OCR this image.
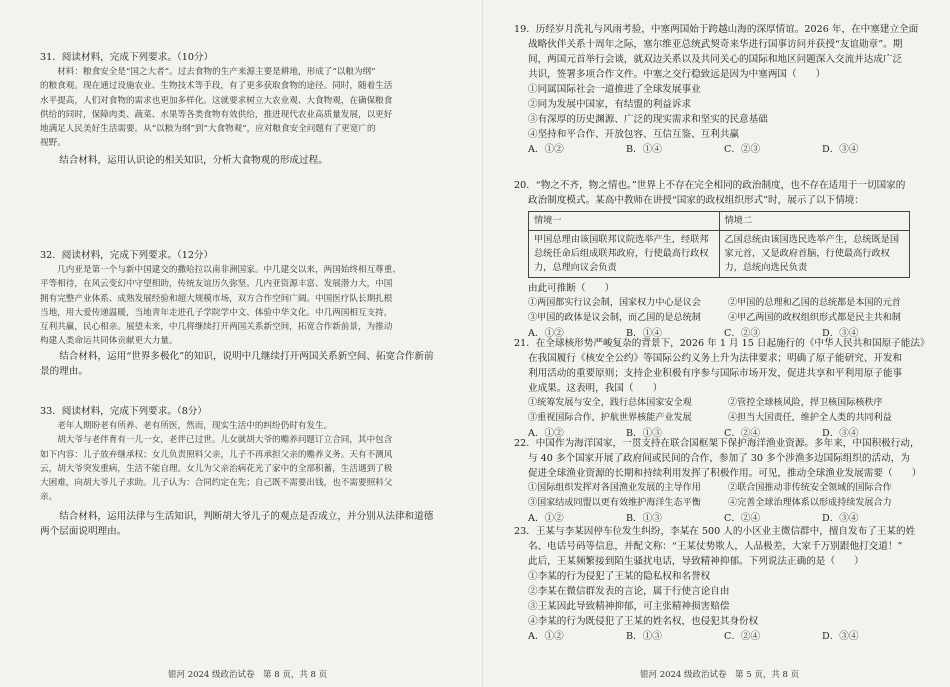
31．阅读材料，完成下列要求。（10分）

材料：粮食安全是“国之大者”。过去食物的生产来源主要是耕地，形成了“以粮为纲”

的粮食观。现在通过设施农业、生物技术等手段，有了更多获取食物的途径。同时，随着生活

水平提高，人们对食物的需求也更加多样化。这就要求树立大农业观、大食物观，在确保粮食

供给的同时，保障肉类、蔬菜、水果等各类食物有效供给，推进现代农业高质量发展，以更好

地满足人民美好生活需要。从“以粮为纲”到“大食物观”，应对粮食安全问题有了更宽广的

视野。

结合材料，运用认识论的相关知识，分析大食物观的形成过程。

32．阅读材料，完成下列要求。（12分）

几内亚是第一个与新中国建交的撒哈拉以南非洲国家。中几建交以来，两国始终相互尊重、

平等相待，在风云变幻中守望相助，传统友谊历久弥坚。几内亚资源丰富、发展潜力大，中国

拥有完整产业体系、成熟发展经验和超大规模市场，双方合作空间广阔。中国医疗队长期扎根

当地，用大爱传递温暖，当地青年走进孔子学院学中文、体验中华文化。中几两国相互支持，

互利共赢，民心相亲。展望未来，中几将继续打开两国关系新空间，拓宽合作新前景，为推动

构建人类命运共同体贡献更大力量。

结合材料，运用“世界多极化”的知识，说明中几继续打开两国关系新空间、拓宽合作新前

景的理由。

33．阅读材料，完成下列要求。（8分）

老年人期盼老有所养、老有所医，然而，现实生活中的纠纷仍时有发生。

胡大爷与老伴育有一儿一女，老伴已过世。儿女就胡大爷的赡养问题订立合同，其中包含

如下内容：儿子放弃继承权；女儿负责照料父亲，儿子不再承担父亲的赡养义务。天有不测风

云，胡大爷突发重病，生活不能自理。女儿为父亲治病花光了家中的全部积蓄，生活遇到了极

大困难，向胡大爷儿子求助。儿子认为：合同约定在先；自己既不需要出钱，也不需要照料父

亲。

结合材料，运用法律与生活知识，判断胡大爷儿子的观点是否成立，并分别从法律和道德

两个层面说明理由。

银河 2024 级政治试卷　第 8 页，共 8 页

19．历经岁月洗礼与风雨考验，中塞两国始于跨越山海的深厚情谊。2026 年，在中塞建立全面

战略伙伴关系十周年之际，塞尔维亚总统武契奇来华进行国事访问并获授“友谊勋章”。期

间，两国元首举行会谈，就双边关系以及共同关心的国际和地区问题深入交流并达成广泛

共识，签署多项合作文件。中塞之交行稳致远是因为中塞两国（　　）

①同属国际社会一道推进了全球发展事业

②同为发展中国家，有结盟的利益诉求

③有深厚的历史渊源、广泛的现实需求和坚实的民意基础

④坚持和平合作、开放包容、互信互鉴、互利共赢

A．①②	B．①④	C．②③	D．③④

20．“物之不齐，物之情也。”世界上不存在完全相同的政治制度，也不存在适用于一切国家的

政治制度模式。某高中教师在讲授“国家的政权组织形式”时，展示了以下情境：

情境一	情境二
甲国总理由该国联邦议院选举产生，经联邦总统任命后组成联邦政府，行使最高行政权力，总理向议会负责	乙国总统由该国选民选举产生，总统既是国家元首，又是政府首脑，行使最高行政权力，总统向选民负责

由此可推断（　　）

①两国都实行议会制，国家权力中心是议会	②甲国的总理和乙国的总统都是本国的元首
③甲国的政体是议会制，而乙国的是总统制	④甲乙两国的政权组织形式都是民主共和制
A．①②	B．①④	C．②③	D．③④

21．在全球核形势严峻复杂的背景下，2026 年 1 月 15 日起施行的《中华人民共和国原子能法》

在我国履行《核安全公约》等国际公约义务上升为法律要求；明确了原子能研究、开发和

利用活动的重要原则；支持企业积极有序参与国际市场开发，促进共享和平利用原子能事

业成果。这表明，我国（　　）

①统筹发展与安全，践行总体国家安全观	②管控全球核风险，捍卫核国际核秩序
③重视国际合作，护航世界核能产业发展	④担当大国责任，维护全人类的共同利益
A．①②	B．①③	C．②④	D．③④

22．中国作为海洋国家，一贯支持在联合国框架下保护海洋渔业资源。多年来，中国积极行动，

与 40 多个国家开展了政府间或民间的合作，参加了 30 多个涉渔多边国际组织的活动，为

促进全球渔业资源的长期和持续利用发挥了积极作用。可见，推动全球渔业发展需要（　　）

①国际组织发挥对各国渔业发展的主导作用	②联合国推动非传统安全领域的国际合作
③国家结成同盟以更有效维护海洋生态平衡	④完善全球治理体系以形成持续发展合力
A．①②	B．①③	C．②④	D．③④

23．王某与李某因停车位发生纠纷，李某在 500 人的小区业主微信群中，擅自发布了王某的姓

名、电话号码等信息，并配文称：“王某仗势欺人，人品极差，大家千万别跟他打交道！”

此后，王某频繁接到陌生骚扰电话，导致精神抑郁。下列说法正确的是（　　）

①李某的行为侵犯了王某的隐私权和名誉权

②李某在微信群发表的言论，属于行使言论自由

③王某因此导致精神抑郁，可主张精神损害赔偿

④李某的行为既侵犯了王某的姓名权，也侵犯其身份权

A．①②	B．①③	C．②④	D．③④
银河 2024 级政治试卷　第 5 页，共 8 页
